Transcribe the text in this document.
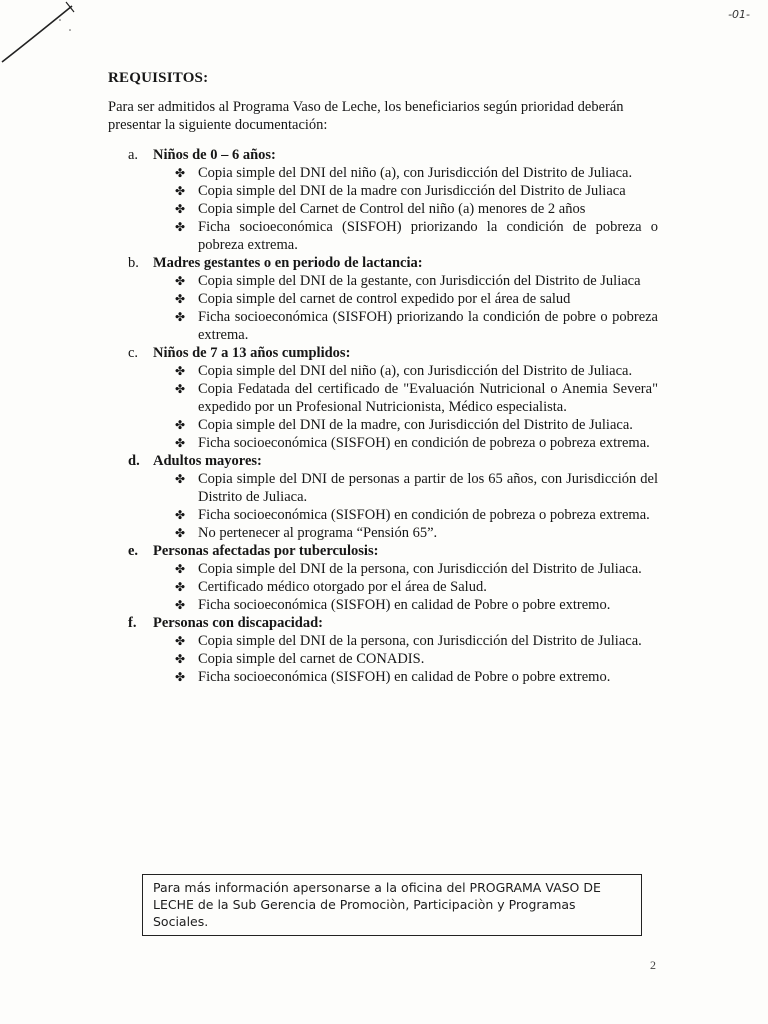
-01-
REQUISITOS:
Para ser admitidos al Programa Vaso de Leche, los beneficiarios según prioridad deberán presentar la siguiente documentación:
a.	Niños de 0 – 6 años:
✤ Copia simple del DNI del niño (a), con Jurisdicción del Distrito de Juliaca.
✤ Copia simple del DNI de la madre con Jurisdicción del Distrito de Juliaca
✤ Copia simple del Carnet de Control del niño (a) menores de 2 años
✤ Ficha socioeconómica (SISFOH) priorizando la condición de pobreza o pobreza extrema.
b. Madres gestantes o en periodo de lactancia:
✤ Copia simple del DNI de la gestante, con Jurisdicción del Distrito de Juliaca
✤ Copia simple del carnet de control expedido por el área de salud
✤ Ficha socioeconómica (SISFOH) priorizando la condición de pobre o pobreza extrema.
c.	Niños de 7 a 13 años cumplidos:
✤ Copia simple del DNI del niño (a), con Jurisdicción del Distrito de Juliaca.
✤ Copia Fedatada del certificado de "Evaluación Nutricional o Anemia Severa" expedido por un Profesional Nutricionista, Médico especialista.
✤ Copia simple del DNI de la madre, con Jurisdicción del Distrito de Juliaca.
✤ Ficha socioeconómica (SISFOH) en condición de pobreza o pobreza extrema.
d. Adultos mayores:
✤ Copia simple del DNI de personas a partir de los 65 años, con Jurisdicción del Distrito de Juliaca.
✤ Ficha socioeconómica (SISFOH) en condición de pobreza o pobreza extrema.
✤ No pertenecer al programa “Pensión 65”.
e.	Personas afectadas por tuberculosis:
✤ Copia simple del DNI de la persona, con Jurisdicción del Distrito de Juliaca.
✤ Certificado médico otorgado por el área de Salud.
✤ Ficha socioeconómica (SISFOH) en calidad de Pobre o pobre extremo.
f.	Personas con discapacidad:
✤ Copia simple del DNI de la persona, con Jurisdicción del Distrito de Juliaca.
✤ Copia simple del carnet de CONADIS.
✤ Ficha socioeconómica (SISFOH) en calidad de Pobre o pobre extremo.
Para más información apersonarse a la oficina del PROGRAMA VASO DE LECHE de la Sub Gerencia de Promociòn, Participaciòn y Programas Sociales.
2
